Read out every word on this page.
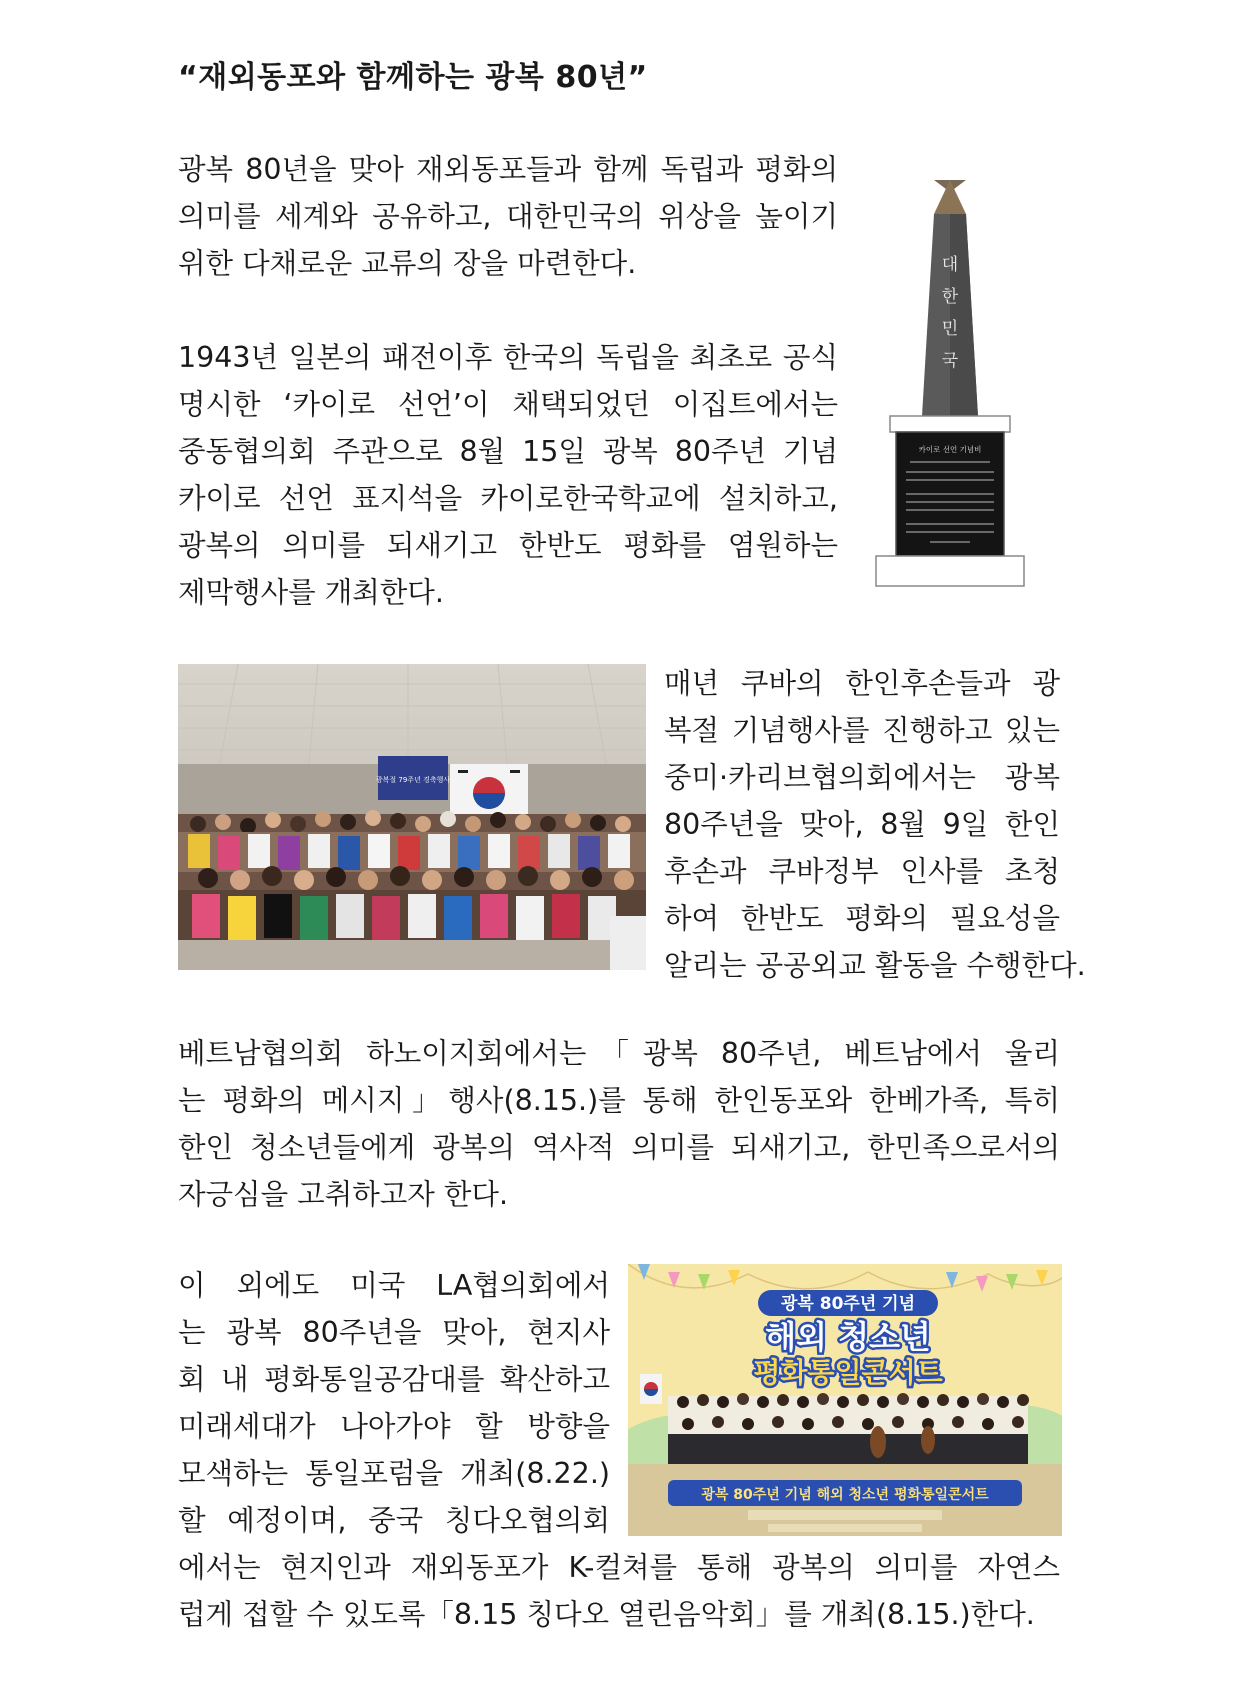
“재외동포와 함께하는 광복 80년”

광복 80년을 맞아 재외동포들과 함께 독립과 평화의
의미를 세계와 공유하고, 대한민국의 위상을 높이기
위한 다채로운 교류의 장을 마련한다.

1943년 일본의 패전이후 한국의 독립을 최초로 공식
명시한 ‘카이로 선언’이 채택되었던 이집트에서는
중동협의회 주관으로 8월 15일 광복 80주년 기념
카이로 선언 표지석을 카이로한국학교에 설치하고,
광복의 의미를 되새기고 한반도 평화를 염원하는
제막행사를 개최한다.

대
한
민
국
카이로 선언 기념비
광복절 79주년 경축행사

매년 쿠바의 한인후손들과 광
복절 기념행사를 진행하고 있는
중미·카리브협의회에서는 광복
80주년을 맞아, 8월 9일 한인
후손과 쿠바정부 인사를 초청
하여 한반도 평화의 필요성을
알리는 공공외교 활동을 수행한다.

베트남협의회 하노이지회에서는「광복 80주년, 베트남에서 울리
는 평화의 메시지」행사(8.15.)를 통해 한인동포와 한베가족, 특히
한인 청소년들에게 광복의 역사적 의미를 되새기고, 한민족으로서의
자긍심을 고취하고자 한다.

이 외에도 미국 LA협의회에서
는 광복 80주년을 맞아, 현지사
회 내 평화통일공감대를 확산하고
미래세대가 나아가야 할 방향을
모색하는 통일포럼을 개최(8.22.)
할 예정이며, 중국 칭다오협의회

광복 80주년 기념
해외 청소년
평화통일콘서트
광복 80주년 기념 해외 청소년 평화통일콘서트

에서는 현지인과 재외동포가 K-컬쳐를 통해 광복의 의미를 자연스
럽게 접할 수 있도록「8.15 칭다오 열린음악회」를 개최(8.15.)한다.
